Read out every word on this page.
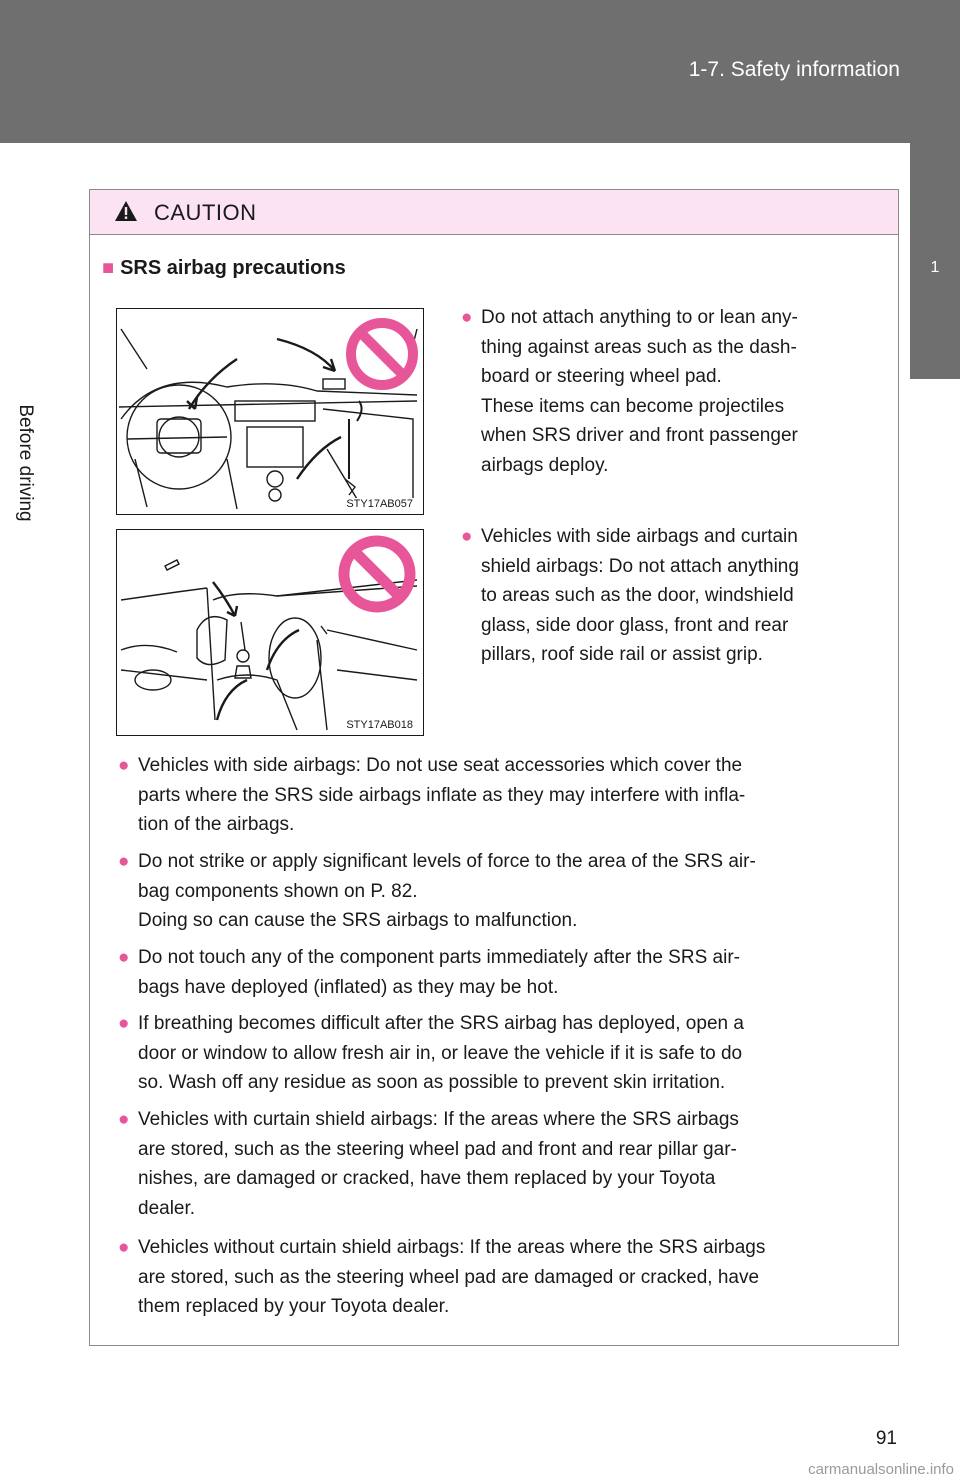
1-7. Safety information
1
Before driving
CAUTION
■ SRS airbag precautions
STY17AB057
STY17AB018
● Do not attach anything to or lean any-
thing against areas such as the dash-
board or steering wheel pad.
These items can become projectiles
when SRS driver and front passenger
airbags deploy.
● Vehicles with side airbags and curtain
shield airbags: Do not attach anything
to areas such as the door, windshield
glass, side door glass, front and rear
pillars, roof side rail or assist grip.
● Vehicles with side airbags: Do not use seat accessories which cover the
parts where the SRS side airbags inflate as they may interfere with infla-
tion of the airbags.
● Do not strike or apply significant levels of force to the area of the SRS air-
bag components shown on P. 82.
Doing so can cause the SRS airbags to malfunction.
● Do not touch any of the component parts immediately after the SRS air-
bags have deployed (inflated) as they may be hot.
● If breathing becomes difficult after the SRS airbag has deployed, open a
door or window to allow fresh air in, or leave the vehicle if it is safe to do
so. Wash off any residue as soon as possible to prevent skin irritation.
● Vehicles with curtain shield airbags: If the areas where the SRS airbags
are stored, such as the steering wheel pad and front and rear pillar gar-
nishes, are damaged or cracked, have them replaced by your Toyota
dealer.
● Vehicles without curtain shield airbags: If the areas where the SRS airbags
are stored, such as the steering wheel pad are damaged or cracked, have
them replaced by your Toyota dealer.
91
carmanualsonline.info
